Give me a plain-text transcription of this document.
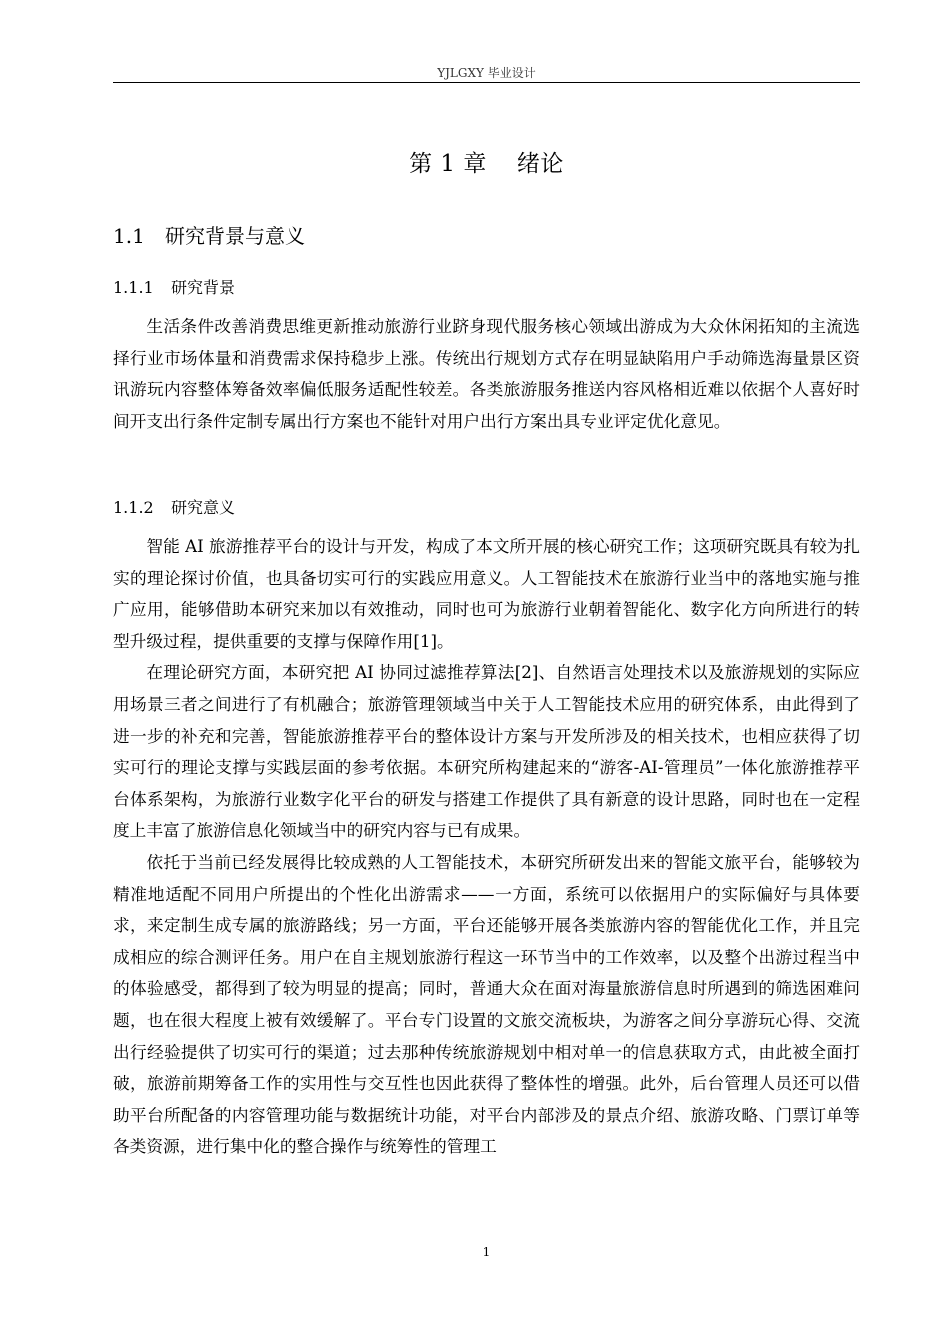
YJLGXY 毕业设计
第 1 章 绪论
1.1 研究背景与意义
1.1.1 研究背景

生活条件改善消费思维更新推动旅游行业跻身现代服务核心领域出游成为大众休闲拓知的主流选择行业市场体量和消费需求保持稳步上涨。传统出行规划方式存在明显缺陷用户手动筛选海量景区资讯游玩内容整体筹备效率偏低服务适配性较差。各类旅游服务推送内容风格相近难以依据个人喜好时间开支出行条件定制专属出行方案也不能针对用户出行方案出具专业评定优化意见。

1.1.2 研究意义

智能 AI 旅游推荐平台的设计与开发，构成了本文所开展的核心研究工作；这项研究既具有较为扎实的理论探讨价值，也具备切实可行的实践应用意义。人工智能技术在旅游行业当中的落地实施与推广应用，能够借助本研究来加以有效推动，同时也可为旅游行业朝着智能化、数字化方向所进行的转型升级过程，提供重要的支撑与保障作用[1]。

在理论研究方面，本研究把 AI 协同过滤推荐算法[2]、自然语言处理技术以及旅游规划的实际应用场景三者之间进行了有机融合；旅游管理领域当中关于人工智能技术应用的研究体系，由此得到了进一步的补充和完善，智能旅游推荐平台的整体设计方案与开发所涉及的相关技术，也相应获得了切实可行的理论支撑与实践层面的参考依据。本研究所构建起来的“游客-AI-管理员”一体化旅游推荐平台体系架构，为旅游行业数字化平台的研发与搭建工作提供了具有新意的设计思路，同时也在一定程度上丰富了旅游信息化领域当中的研究内容与已有成果。

依托于当前已经发展得比较成熟的人工智能技术，本研究所研发出来的智能文旅平台，能够较为精准地适配不同用户所提出的个性化出游需求——一方面，系统可以依据用户的实际偏好与具体要求，来定制生成专属的旅游路线；另一方面，平台还能够开展各类旅游内容的智能优化工作，并且完成相应的综合测评任务。用户在自主规划旅游行程这一环节当中的工作效率，以及整个出游过程当中的体验感受，都得到了较为明显的提高；同时，普通大众在面对海量旅游信息时所遇到的筛选困难问题，也在很大程度上被有效缓解了。平台专门设置的文旅交流板块，为游客之间分享游玩心得、交流出行经验提供了切实可行的渠道；过去那种传统旅游规划中相对单一的信息获取方式，由此被全面打破，旅游前期筹备工作的实用性与交互性也因此获得了整体性的增强。此外，后台管理人员还可以借助平台所配备的内容管理功能与数据统计功能，对平台内部涉及的景点介绍、旅游攻略、门票订单等各类资源，进行集中化的整合操作与统筹性的管理工

1
